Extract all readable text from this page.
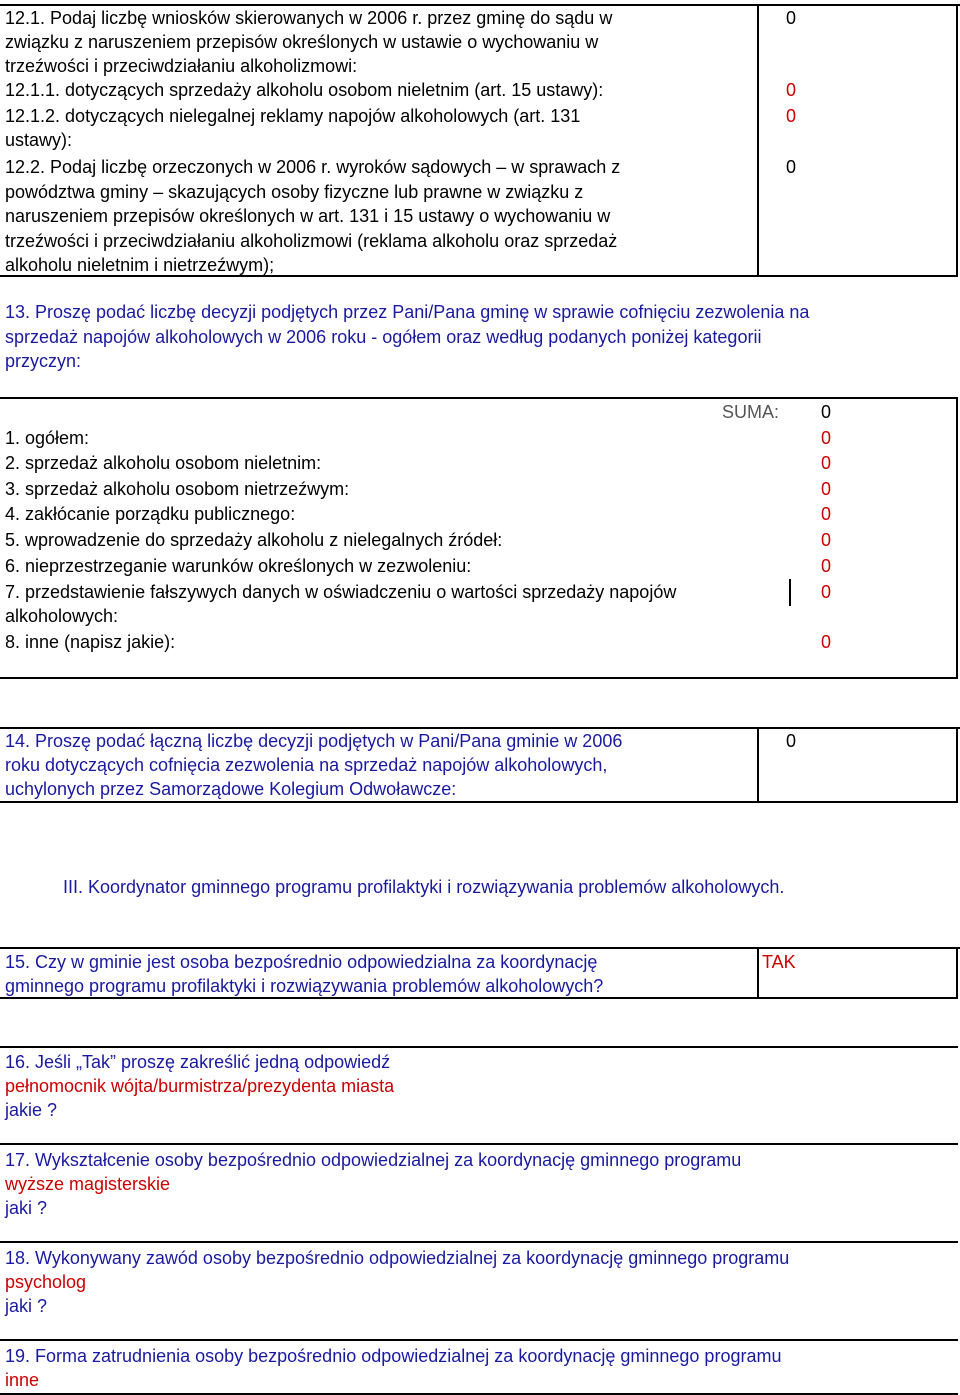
12.1. Podaj liczbę wniosków skierowanych w 2006 r. przez gminę do sądu w
związku z naruszeniem przepisów określonych w ustawie o wychowaniu w
trzeźwości i przeciwdziałaniu alkoholizmowi:
0
12.1.1. dotyczących sprzedaży alkoholu osobom nieletnim (art. 15 ustawy):	0
12.1.2. dotyczących nielegalnej reklamy napojów alkoholowych (art. 131
ustawy):
0
12.2. Podaj liczbę orzeczonych w 2006 r. wyroków sądowych – w sprawach z
powództwa gminy – skazujących osoby fizyczne lub prawne w związku z
naruszeniem przepisów określonych w art. 131 i 15 ustawy o wychowaniu w
trzeźwości i przeciwdziałaniu alkoholizmowi (reklama alkoholu oraz sprzedaż
alkoholu nieletnim i nietrzeźwym);
0
13. Proszę podać liczbę decyzji podjętych przez Pani/Pana gminę w sprawie cofnięciu zezwolenia na
sprzedaż napojów alkoholowych w 2006 roku - ogółem oraz według podanych poniżej kategorii
przyczyn:
SUMA: 0
1. ogółem:	0
2. sprzedaż alkoholu osobom nieletnim:	0
3. sprzedaż alkoholu osobom nietrzeźwym:	0
4. zakłócanie porządku publicznego:	0
5. wprowadzenie do sprzedaży alkoholu z nielegalnych źródeł:	0
6. nieprzestrzeganie warunków określonych w zezwoleniu:	0
7. przedstawienie fałszywych danych w oświadczeniu o wartości sprzedaży napojów
alkoholowych:
0
8. inne (napisz jakie):	0
14. Proszę podać łączną liczbę decyzji podjętych w Pani/Pana gminie w 2006
roku dotyczących cofnięcia zezwolenia na sprzedaż napojów alkoholowych,
uchylonych przez Samorządowe Kolegium Odwoławcze:
0
III. Koordynator gminnego programu profilaktyki i rozwiązywania problemów alkoholowych.
15. Czy w gminie jest osoba bezpośrednio odpowiedzialna za koordynację
gminnego programu profilaktyki i rozwiązywania problemów alkoholowych?
TAK
16. Jeśli „Tak” proszę zakreślić jedną odpowiedź
pełnomocnik wójta/burmistrza/prezydenta miasta
jakie ?
17. Wykształcenie osoby bezpośrednio odpowiedzialnej za koordynację gminnego programu
wyższe magisterskie
jaki ?
18. Wykonywany zawód osoby bezpośrednio odpowiedzialnej za koordynację gminnego programu
psycholog
jaki ?
19. Forma zatrudnienia osoby bezpośrednio odpowiedzialnej za koordynację gminnego programu
inne
